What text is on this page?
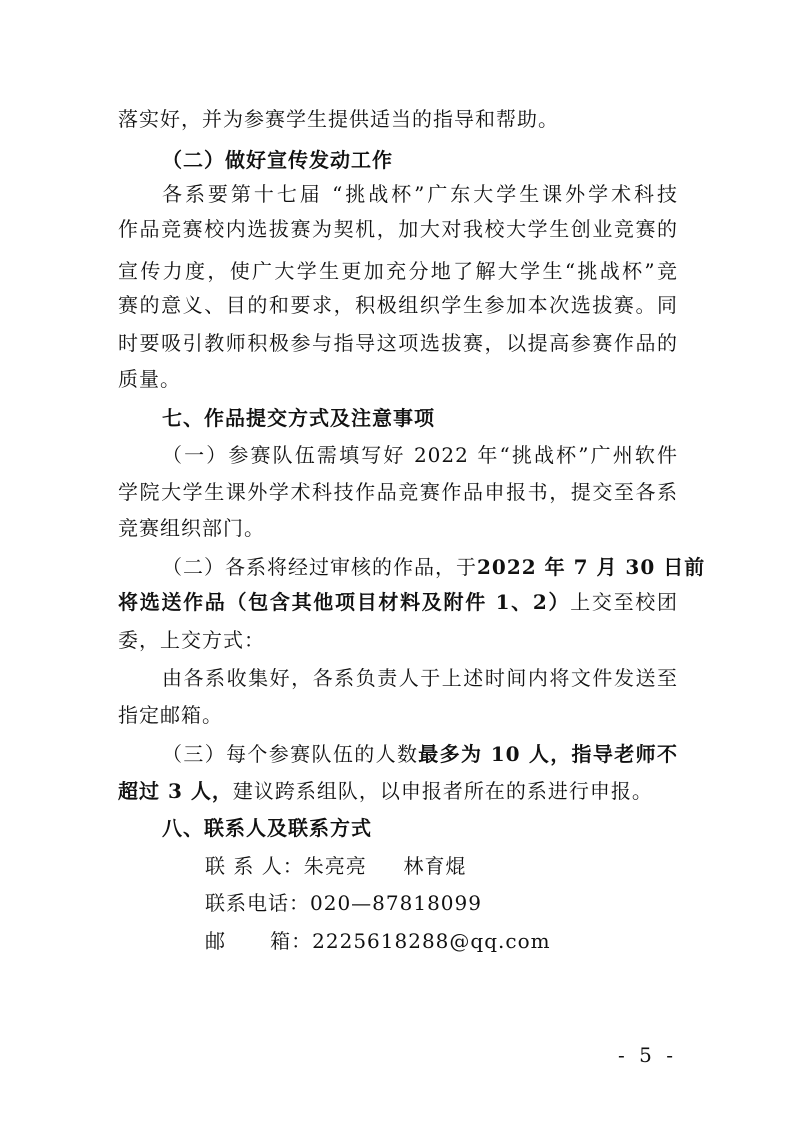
落实好，并为参赛学生提供适当的指导和帮助。
（二）做好宣传发动工作
各系要第十七届 “挑战杯”广东大学生课外学术科技
作品竞赛校内选拔赛为契机，加大对我校大学生创业竞赛的
宣传力度，使广大学生更加充分地了解大学生“挑战杯”竞
赛的意义、目的和要求，积极组织学生参加本次选拔赛。同
时要吸引教师积极参与指导这项选拔赛，以提高参赛作品的
质量。
七、作品提交方式及注意事项
（一）参赛队伍需填写好 2022 年“挑战杯”广州软件
学院大学生课外学术科技作品竞赛作品申报书，提交至各系
竞赛组织部门。
（二）各系将经过审核的作品，于2022 年 7 月 30 日前
将选送作品（包含其他项目材料及附件 1、2）上交至校团
委，上交方式：
由各系收集好，各系负责人于上述时间内将文件发送至
指定邮箱。
（三）每个参赛队伍的人数最多为 10 人，指导老师不
超过 3 人，建议跨系组队，以申报者所在的系进行申报。
八、联系人及联系方式
联 系 人：朱亮亮     林育焜
联系电话：020—87818099
邮      箱：2225618288@qq.com
- 5 -
